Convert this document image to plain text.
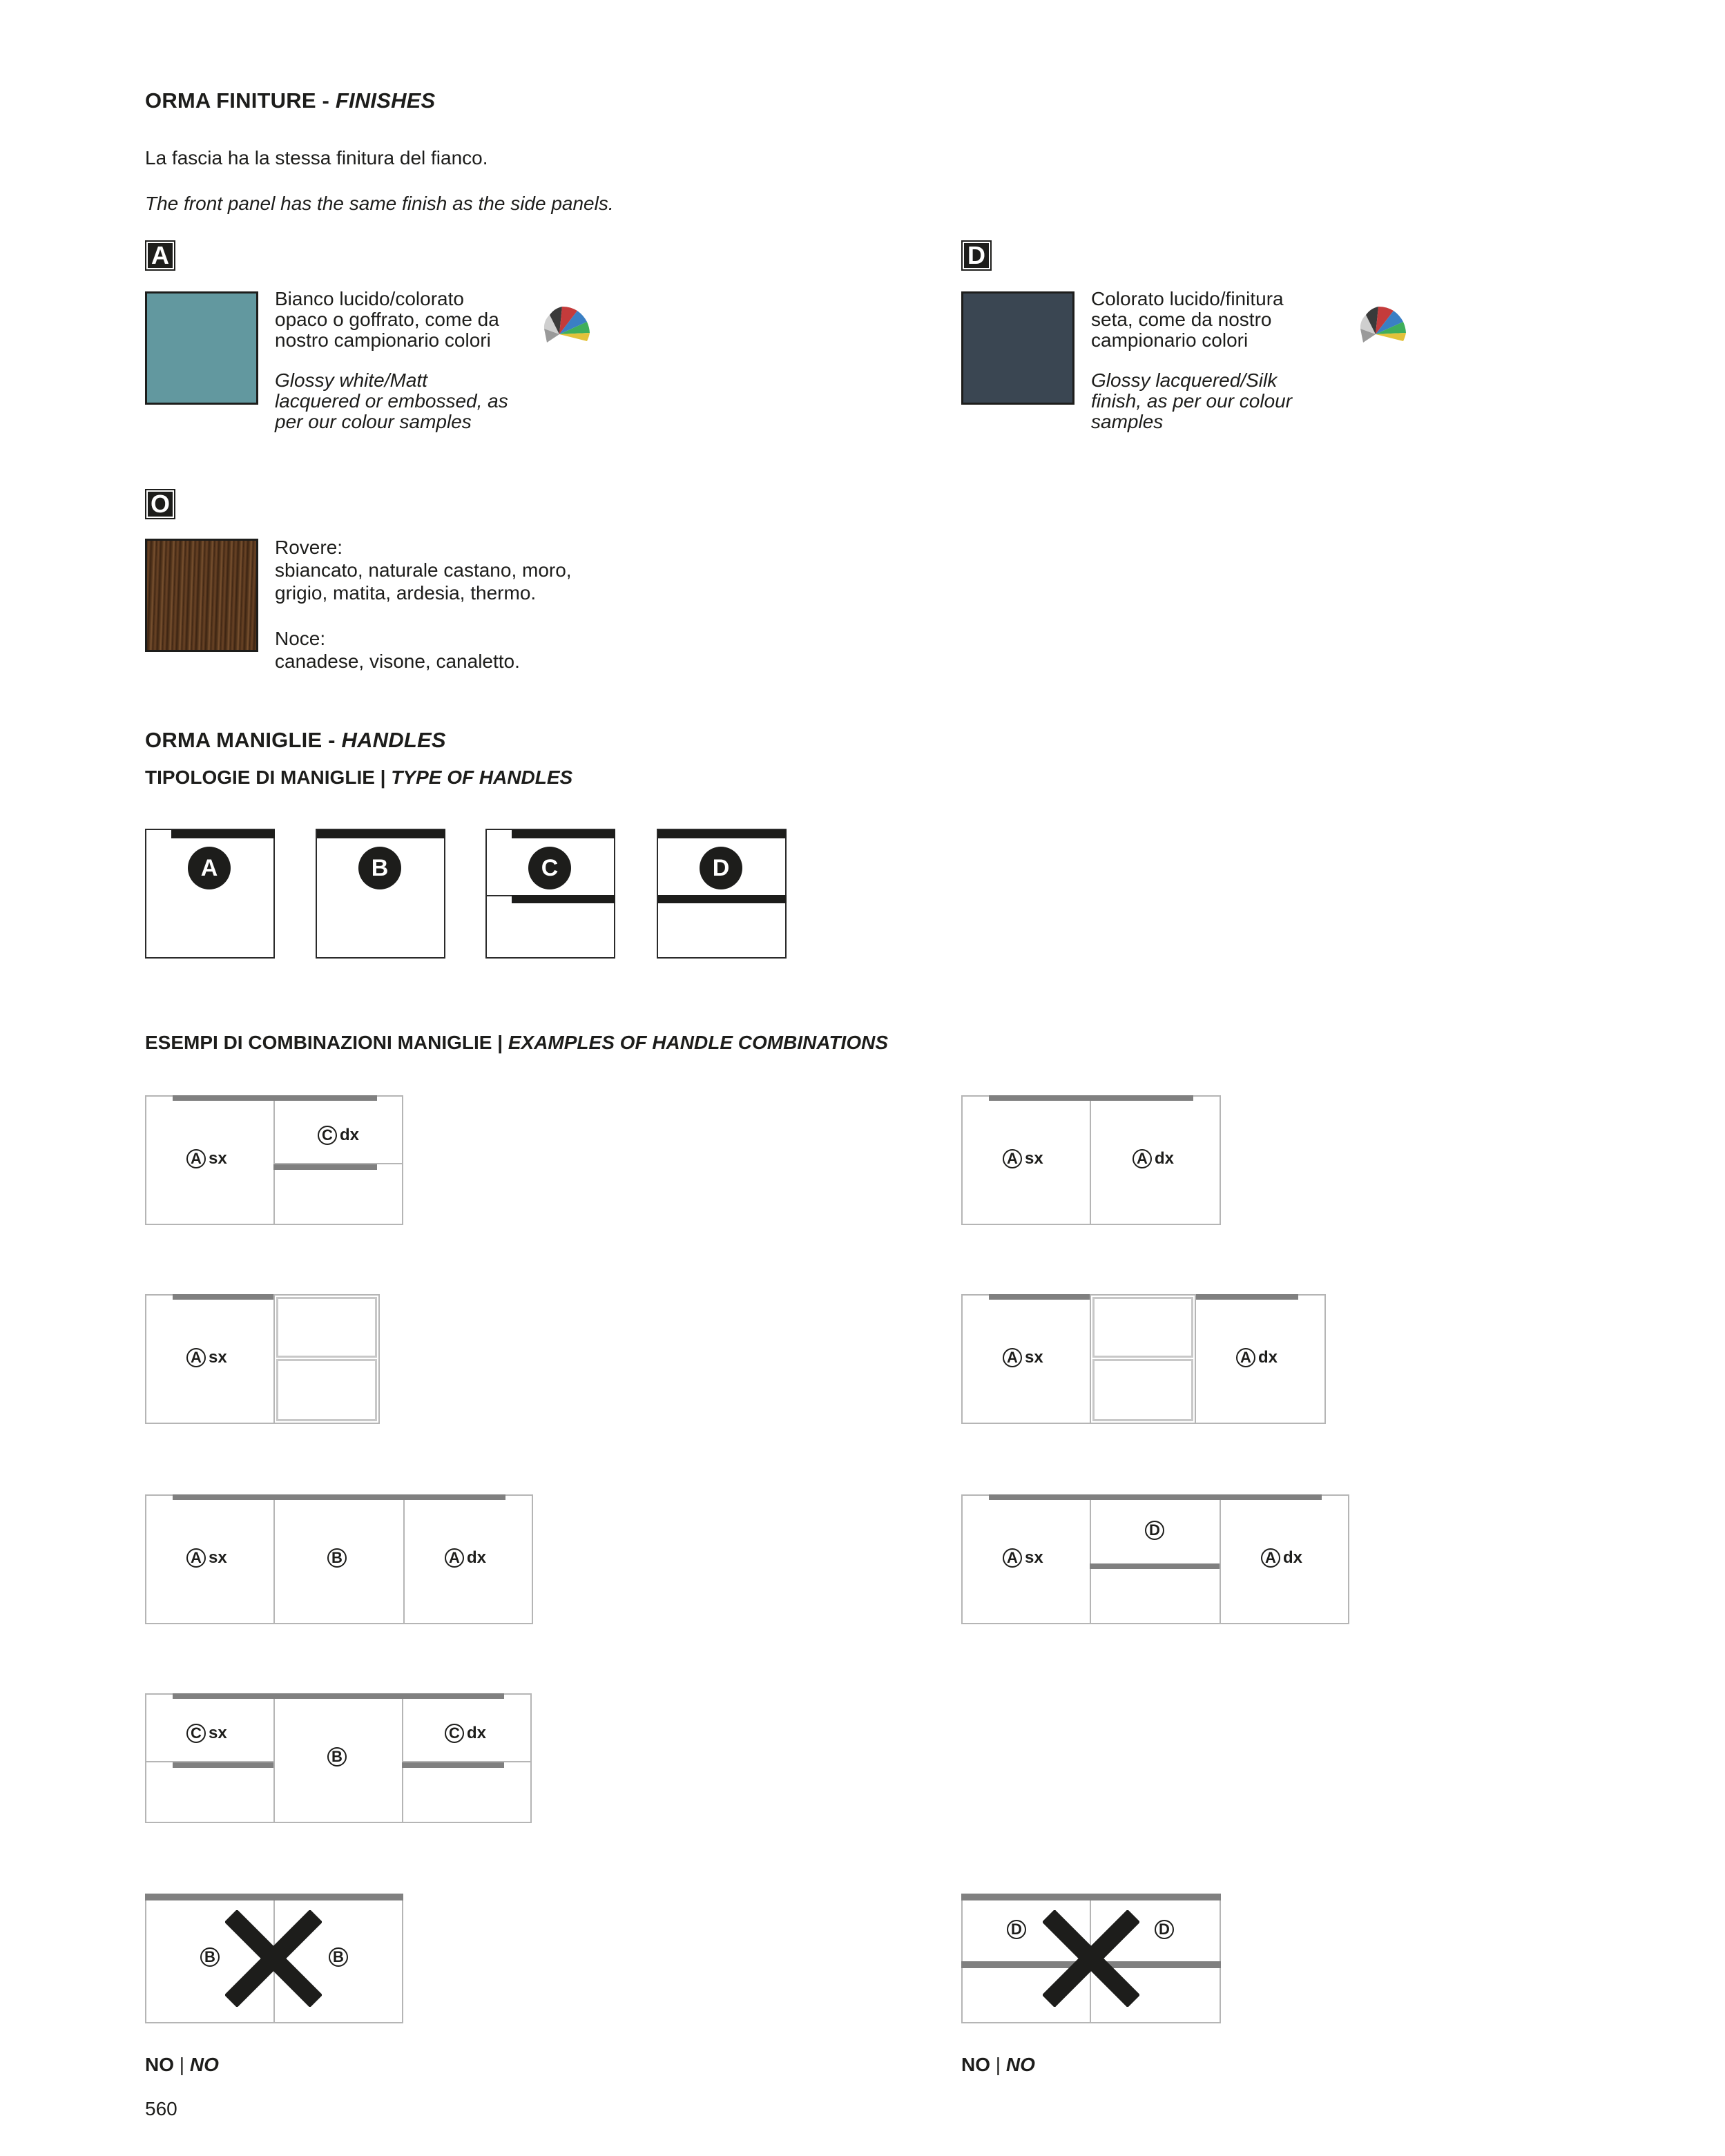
ORMA FINITURE - FINISHES
La fascia ha la stessa finitura del fianco.
The front panel has the same finish as the side panels.
A
Bianco lucido/colorato
opaco o goffrato, come da
nostro campionario colori
Glossy white/Matt
lacquered or embossed, as
per our colour samples
D
Colorato lucido/finitura
seta, come da nostro
campionario colori
Glossy lacquered/Silk
finish, as per our colour
samples
O
Rovere:
sbiancato, naturale castano, moro,
grigio, matita, ardesia, thermo.
Noce:
canadese, visone, canaletto.
ORMA MANIGLIE - HANDLES
TIPOLOGIE DI MANIGLIE | TYPE OF HANDLES
A	B	C	D
ESEMPI DI COMBINAZIONI MANIGLIE | EXAMPLES OF HANDLE COMBINATIONS
A sx
C dx
A sx	A dx
A sx	A sx	A dx
A sx	B	A dx	A sx
D
A dx
C sx
B
C dx
B	B
NO | NO
D	D
NO | NO
560
